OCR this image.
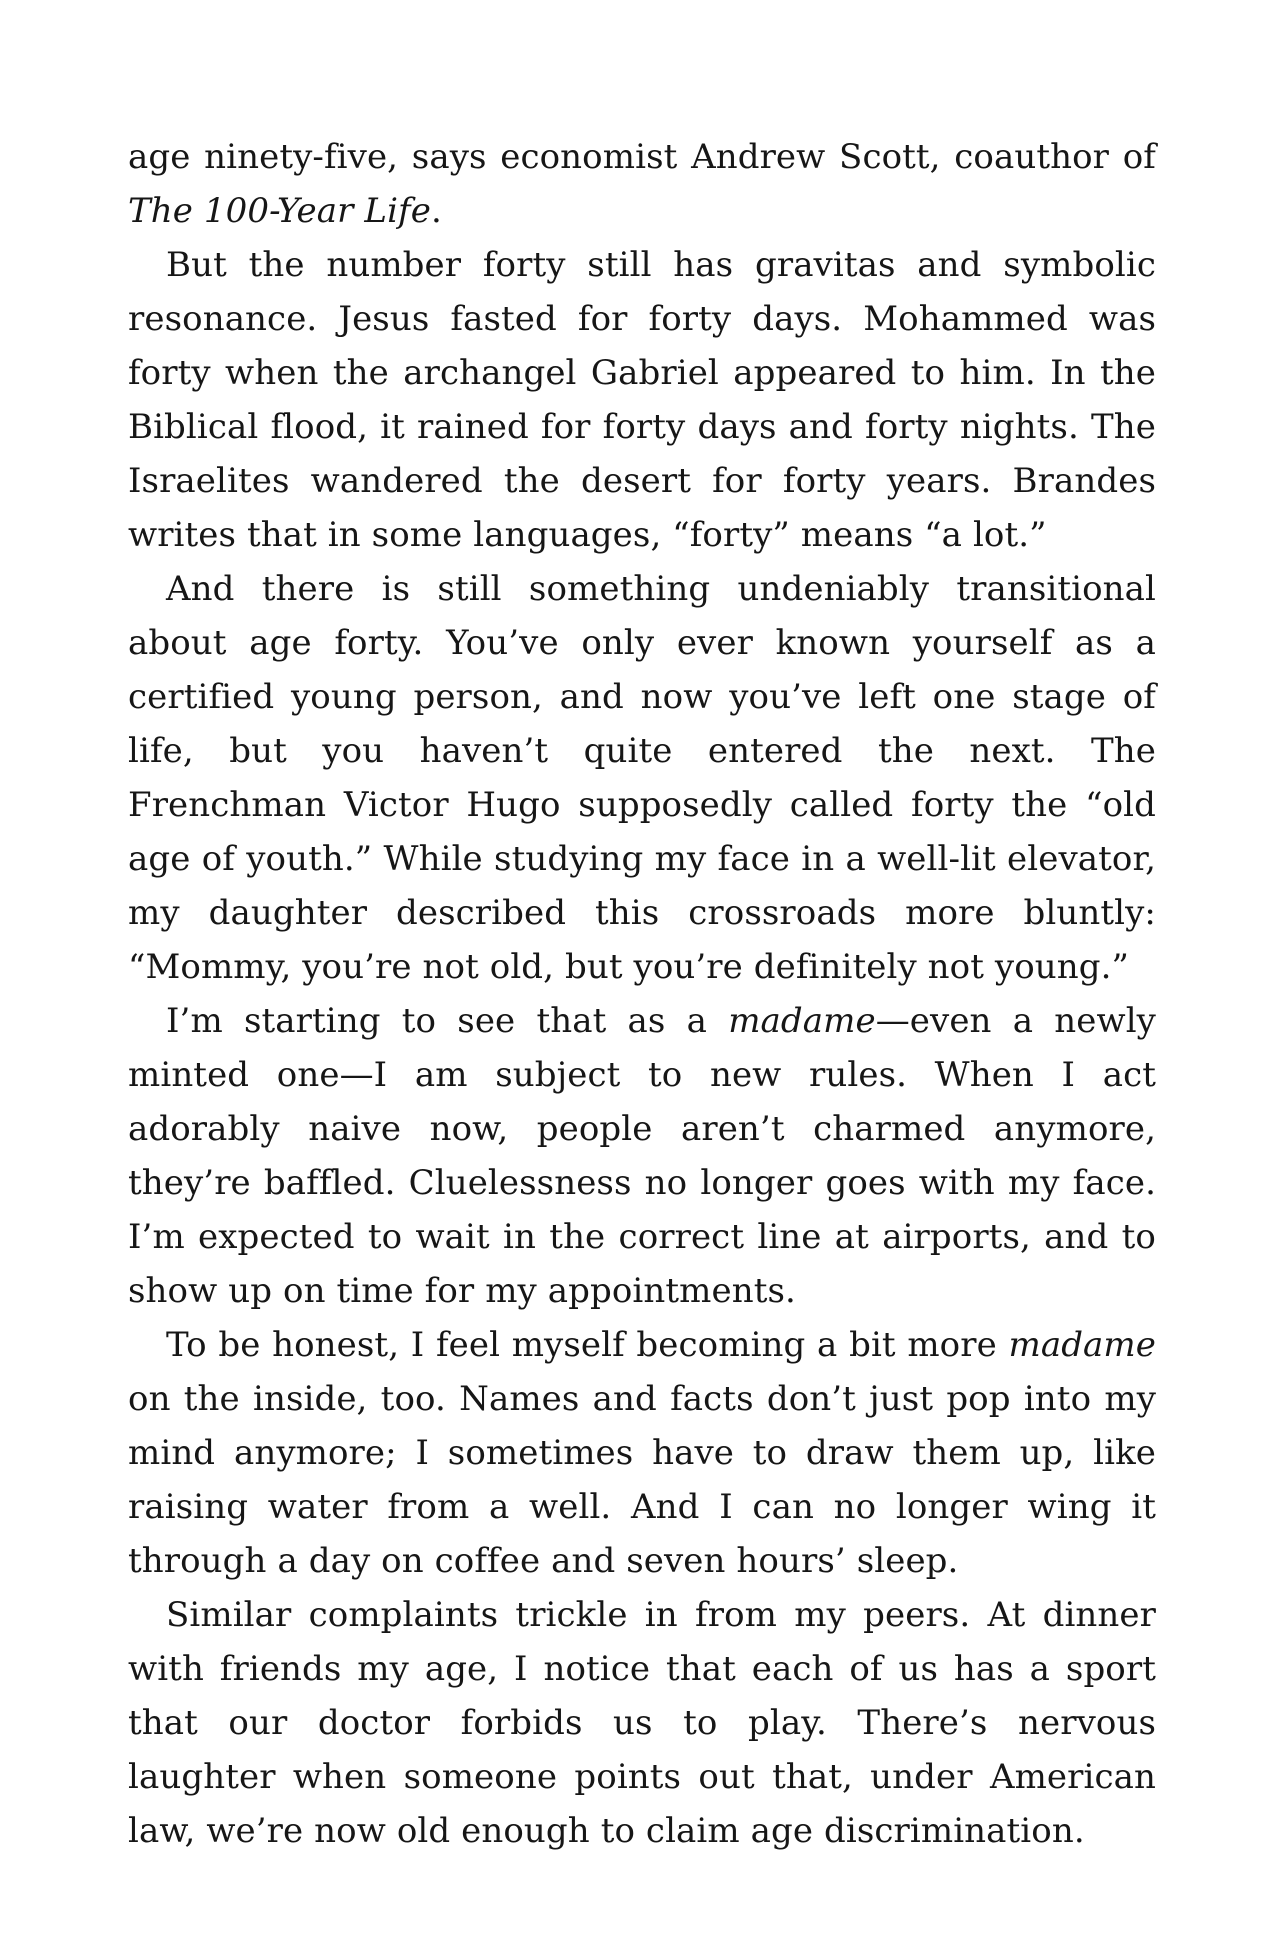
age ninety-five, says economist Andrew Scott, coauthor of The 100-Year Life.

But the number forty still has gravitas and symbolic resonance. Jesus fasted for forty days. Mohammed was forty when the archangel Gabriel appeared to him. In the Biblical flood, it rained for forty days and forty nights. The Israelites wandered the desert for forty years. Brandes writes that in some languages, “forty” means “a lot.”

And there is still something undeniably transitional about age forty. You’ve only ever known yourself as a certified young person, and now you’ve left one stage of life, but you haven’t quite entered the next. The Frenchman Victor Hugo supposedly called forty the “old age of youth.” While studying my face in a well-lit elevator, my daughter described this crossroads more bluntly: “Mommy, you’re not old, but you’re definitely not young.”

I’m starting to see that as a madame—even a newly minted one—I am subject to new rules. When I act adorably naive now, people aren’t charmed anymore, they’re baffled. Cluelessness no longer goes with my face. I’m expected to wait in the correct line at airports, and to show up on time for my appointments.

To be honest, I feel myself becoming a bit more madame on the inside, too. Names and facts don’t just pop into my mind anymore; I sometimes have to draw them up, like raising water from a well. And I can no longer wing it through a day on coffee and seven hours’ sleep.

Similar complaints trickle in from my peers. At dinner with friends my age, I notice that each of us has a sport that our doctor forbids us to play. There’s nervous laughter when someone points out that, under American law, we’re now old enough to claim age discrimination.
